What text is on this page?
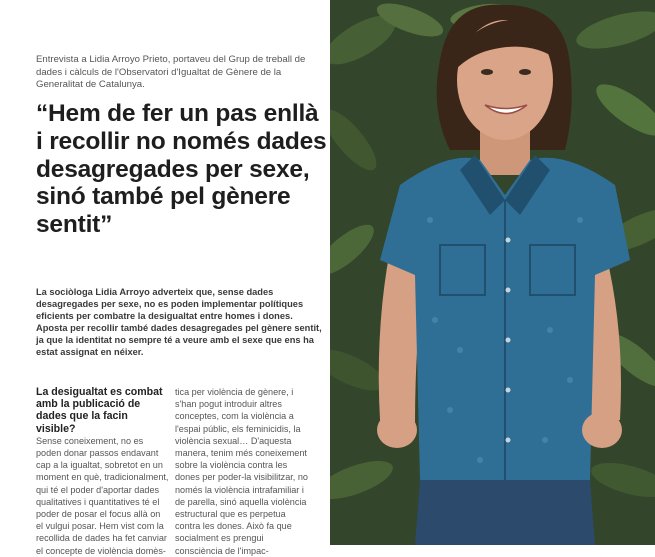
Entrevista a Lidia Arroyo Prieto, portaveu del Grup de treball de dades i càlculs de l'Observatori d'Igualtat de Gènere de la Generalitat de Catalunya.
“Hem de fer un pas enllà i recollir no només dades desagregades per sexe, sinó també pel gènere sentit”
La sociòloga Lidia Arroyo adverteix que, sense dades desagregades per sexe, no es poden implementar polítiques eficients per combatre la desigualtat entre homes i dones. Aposta per recollir també dades desagregades pel gènere sentit, ja que la identitat no sempre té a veure amb el sexe que ens ha estat assignat en néixer.

La desigualtat es combat amb la publicació de dades que la facin visible?

Sense coneixement, no es poden donar passos endavant cap a la igualtat, sobretot en un moment en què, tradicionalment, qui té el poder d'aportar dades qualitatives i quantitatives té el poder de posar el focus allà on el vulgui posar. Hem vist com la recollida de dades ha fet canviar el concepte de violència domès-

tica per violència de gènere, i s'han pogut introduir altres conceptes, com la violència a l'espai públic, els feminicidis, la violència sexual… D'aquesta manera, tenim més coneixement sobre la violència contra les dones per poder-la visibilitzar, no només la violència intrafamiliar i de parella, sinó aquella violència estructural que es perpetua contra les dones. Això fa que socialment es prengui consciència de l'impac-
